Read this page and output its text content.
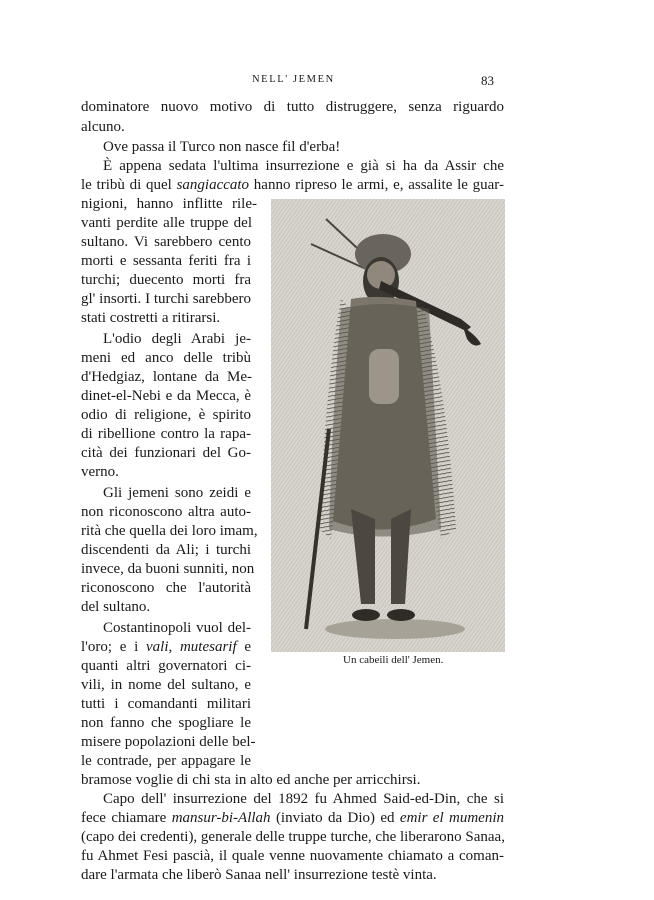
NELL' JEMEN	83
dominatore nuovo motivo di tutto distruggere, senza riguardo
alcuno.
Ove passa il Turco non nasce fil d'erba!
È appena sedata l'ultima insurrezione e già si ha da Assir che
le tribù di quel sangiaccato hanno ripreso le armi, e, assalite le guar-
nigioni, hanno inflitte rile-
vanti perdite alle truppe del
sultano. Vi sarebbero cento
morti e sessanta feriti fra i
turchi; duecento morti fra
gl' insorti. I turchi sarebbero
stati costretti a ritirarsi.
L'odio degli Arabi je-
meni ed anco delle tribù
d'Hedgiaz, lontane da Me-
dinet-el-Nebi e da Mecca, è
odio di religione, è spirito
di ribellione contro la rapa-
cità dei funzionari del Go-
verno.
Gli jemeni sono zeidi e
non riconoscono altra auto-
rità che quella dei loro imam,
discendenti da Ali; i turchi
invece, da buoni sunniti, non
riconoscono che l'autorità
del sultano.
Costantinopoli vuol del-
l'oro; e i vali, mutesarif e
quanti altri governatori ci-
vili, in nome del sultano, e
tutti i comandanti militari
non fanno che spogliare le
misere popolazioni delle bel-
le contrade, per appagare le
bramose voglie di chi sta in alto ed anche per arricchirsi.
Capo dell' insurrezione del 1892 fu Ahmed Said-ed-Din, che si
fece chiamare mansur-bi-Allah (inviato da Dio) ed emir el mumenin
(capo dei credenti), generale delle truppe turche, che liberarono Sanaa,
fu Ahmet Fesi pascià, il quale venne nuovamente chiamato a coman-
dare l'armata che liberò Sanaa nell' insurrezione testè vinta.
Un cabeili dell' Jemen.
